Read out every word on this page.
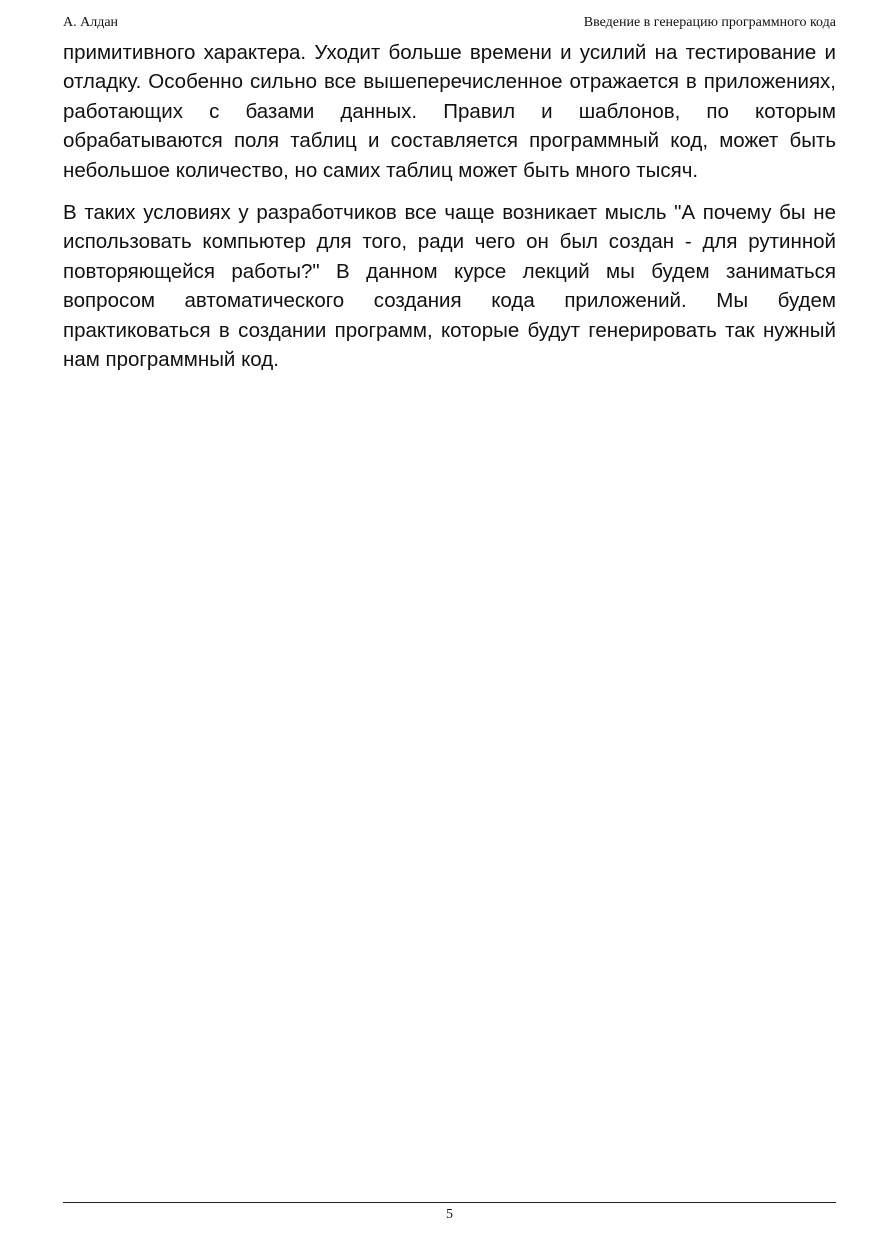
А. Алдан	Введение в генерацию программного кода

примитивного характера. Уходит больше времени и усилий на тестирование и отладку. Особенно сильно все вышеперечисленное отражается в приложениях, работающих с базами данных. Правил и шаблонов, по которым обрабатываются поля таблиц и составляется программный код, может быть небольшое количество, но самих таблиц может быть много тысяч.

В таких условиях у разработчиков все чаще возникает мысль "А почему бы не использовать компьютер для того, ради чего он был создан - для рутинной повторяющейся работы?" В данном курсе лекций мы будем заниматься вопросом автоматического создания кода приложений. Мы будем практиковаться в создании программ, которые будут генерировать так нужный нам программный код.

5
